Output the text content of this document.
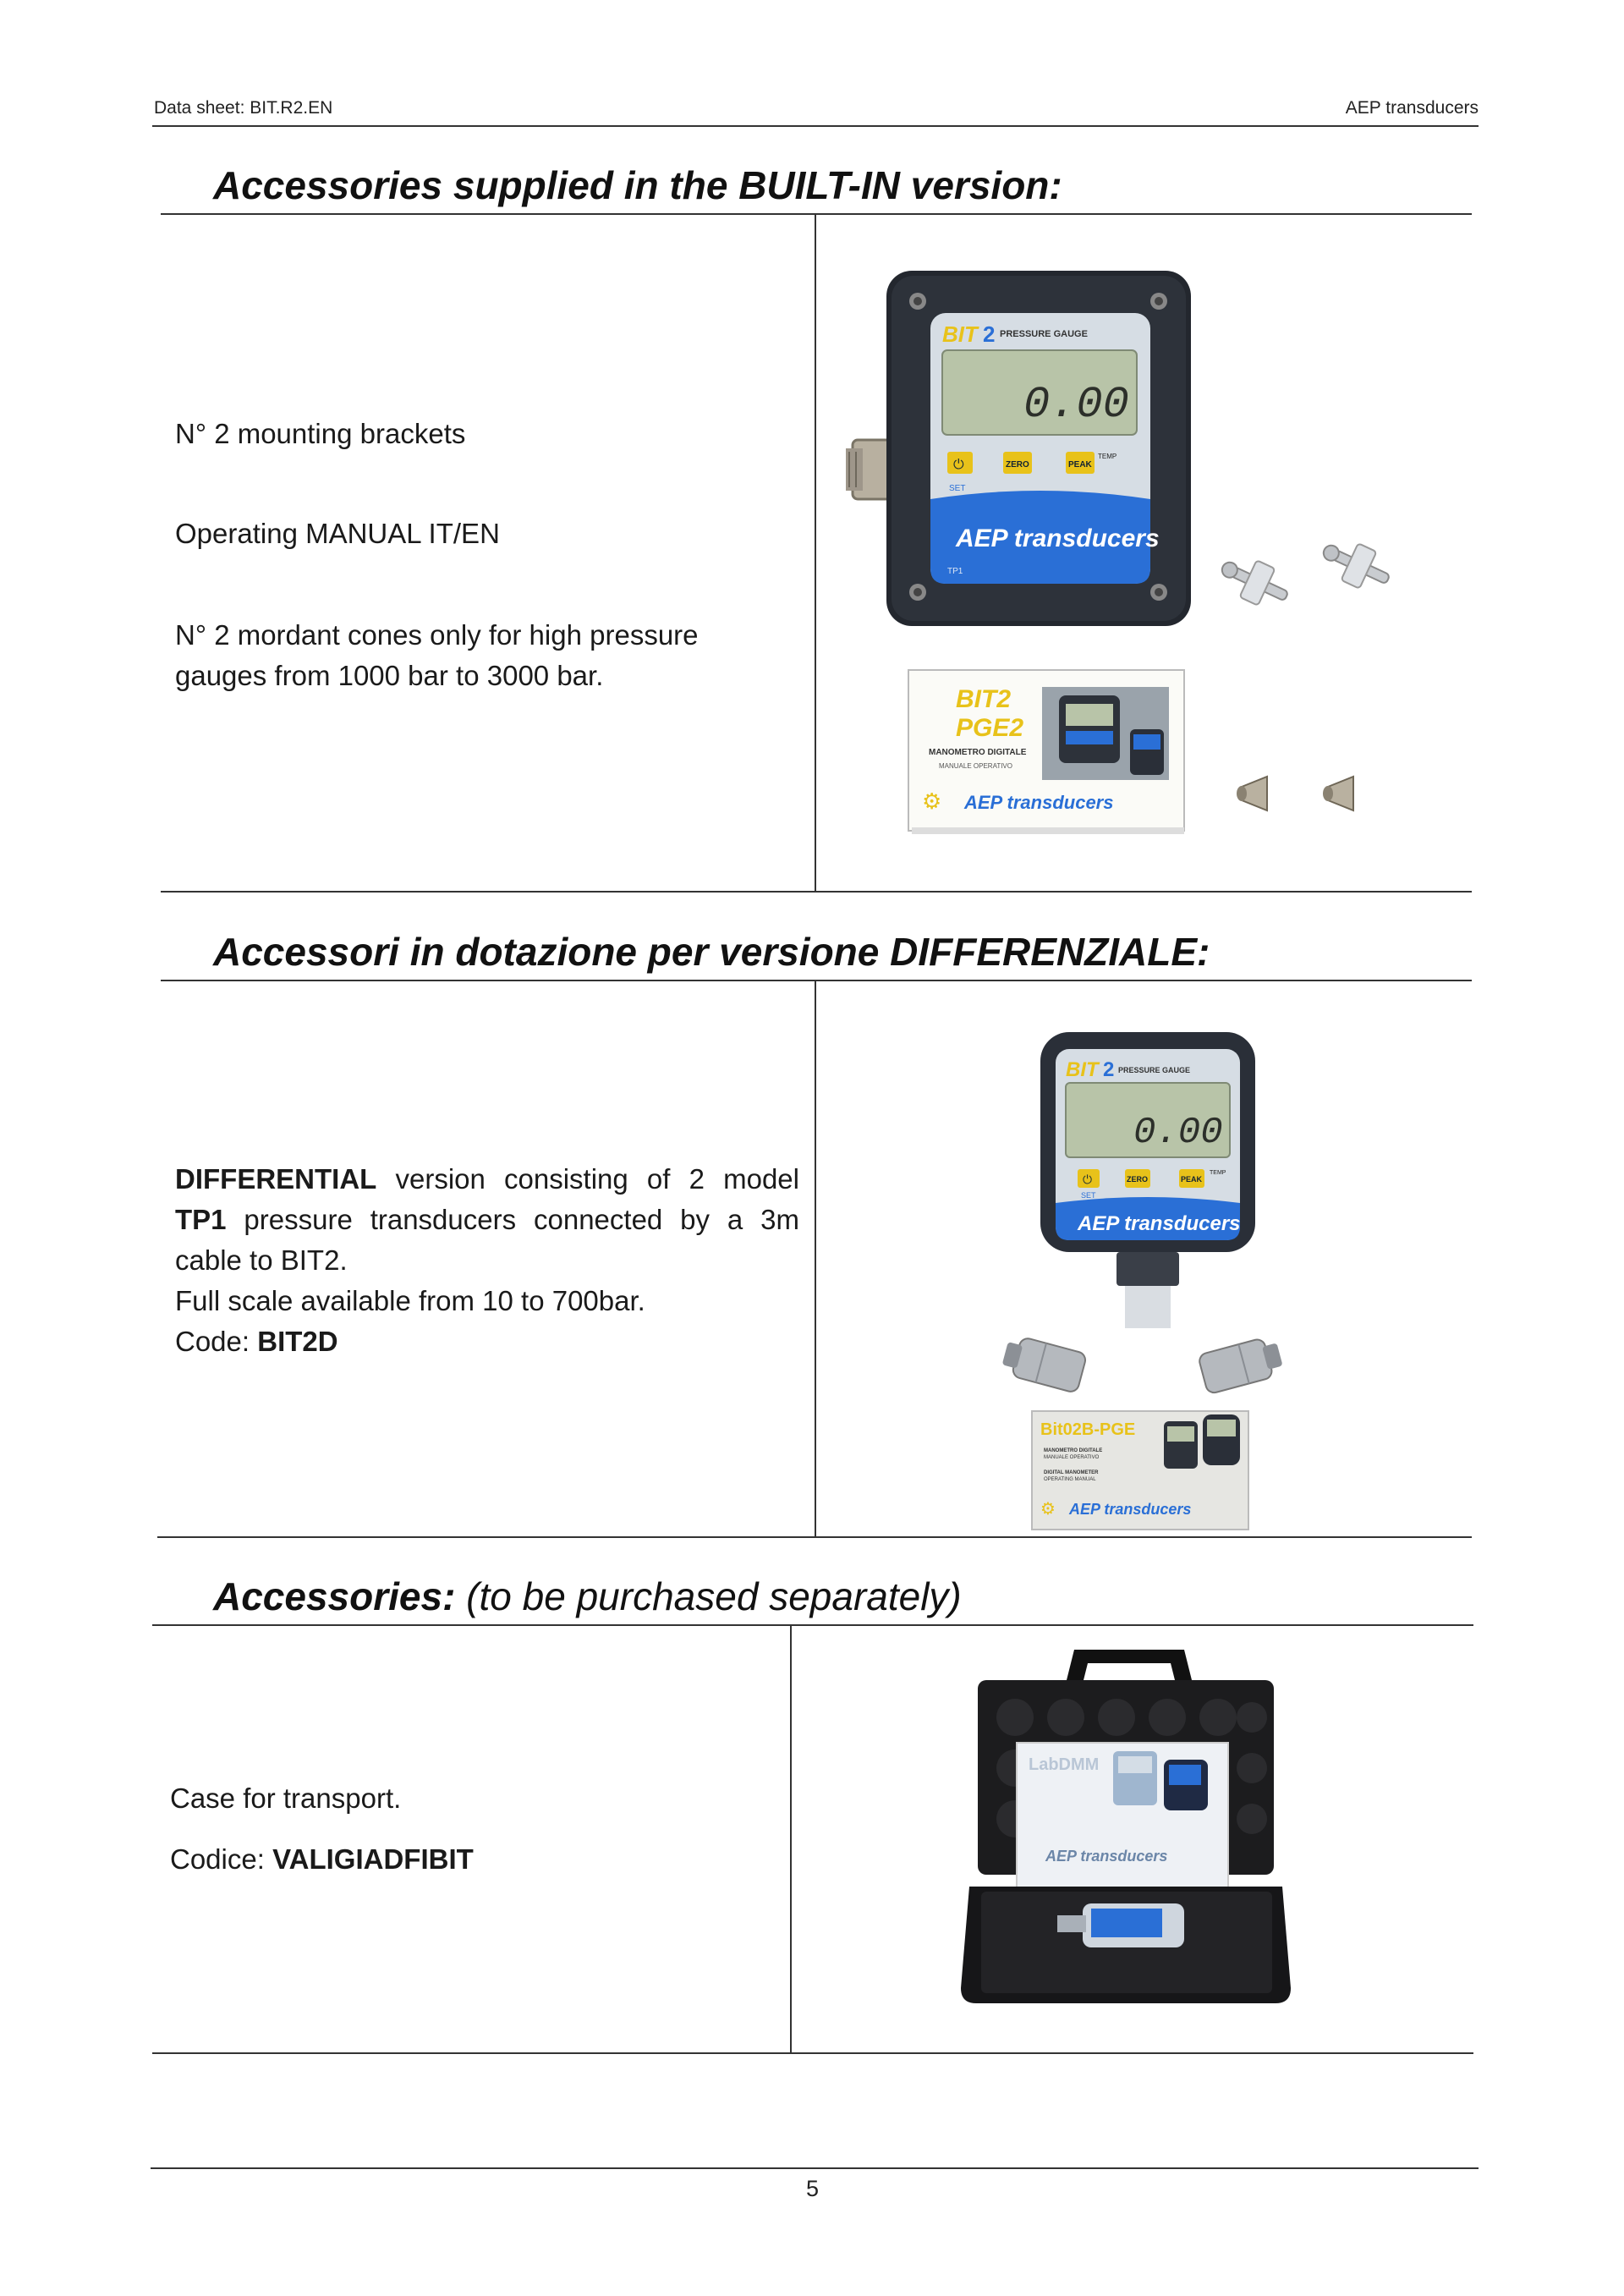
Data sheet: BIT.R2.EN	AEP transducers
Accessories supplied in the BUILT-IN version:
N° 2 mounting brackets
Operating MANUAL IT/EN
N° 2 mordant cones only for high pressure gauges from 1000 bar to 3000 bar.
BIT 2 PRESSURE GAUGE
0.00
⏻	ZERO	PEAK
TEMP
SET
AEP transducers
TP1
BIT2
PGE2
MANOMETRO DIGITALE
MANUALE OPERATIVO
⚙ AEP transducers
Accessori in dotazione per versione DIFFERENZIALE:

DIFFERENTIAL version consisting of 2 model TP1 pressure transducers connected by a 3m cable to BIT2.

Full scale available from 10 to 700bar.

Code: BIT2D

BIT 2 PRESSURE GAUGE
0.00
⏻
SET
ZERO	PEAK
TEMP
AEP transducers
Bit02B-PGE
MANOMETRO DIGITALE
MANUALE OPERATIVO
DIGITAL MANOMETER
OPERATING MANUAL
⚙ AEP transducers
Accessories: (to be purchased separately)
Case for transport.
Codice: VALIGIADFIBIT
LabDMM
AEP transducers
5
